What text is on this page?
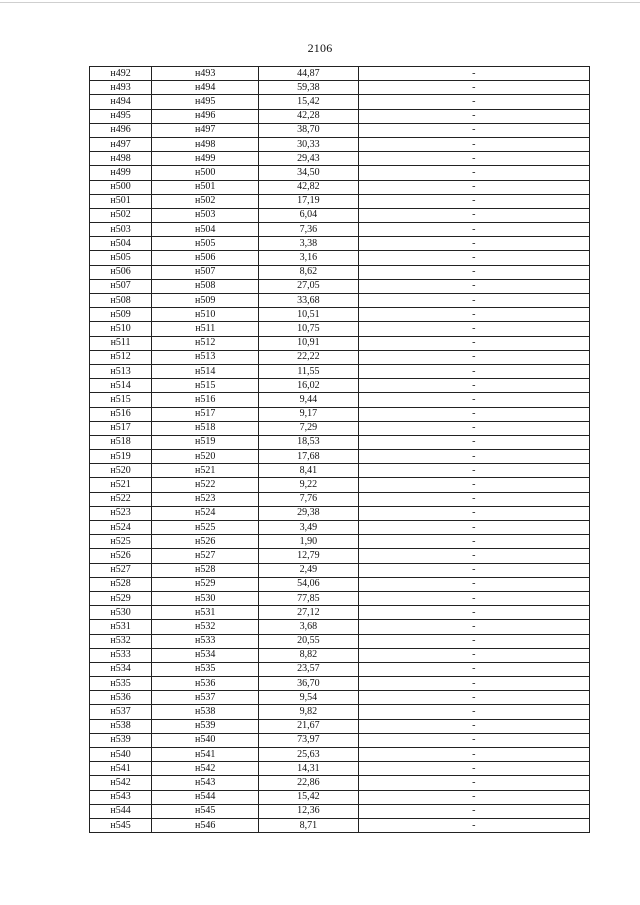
2106
н492	н493	44,87	-
н493	н494	59,38	-
н494	н495	15,42	-
н495	н496	42,28	-
н496	н497	38,70	-
н497	н498	30,33	-
н498	н499	29,43	-
н499	н500	34,50	-
н500	н501	42,82	-
н501	н502	17,19	-
н502	н503	6,04	-
н503	н504	7,36	-
н504	н505	3,38	-
н505	н506	3,16	-
н506	н507	8,62	-
н507	н508	27,05	-
н508	н509	33,68	-
н509	н510	10,51	-
н510	н511	10,75	-
н511	н512	10,91	-
н512	н513	22,22	-
н513	н514	11,55	-
н514	н515	16,02	-
н515	н516	9,44	-
н516	н517	9,17	-
н517	н518	7,29	-
н518	н519	18,53	-
н519	н520	17,68	-
н520	н521	8,41	-
н521	н522	9,22	-
н522	н523	7,76	-
н523	н524	29,38	-
н524	н525	3,49	-
н525	н526	1,90	-
н526	н527	12,79	-
н527	н528	2,49	-
н528	н529	54,06	-
н529	н530	77,85	-
н530	н531	27,12	-
н531	н532	3,68	-
н532	н533	20,55	-
н533	н534	8,82	-
н534	н535	23,57	-
н535	н536	36,70	-
н536	н537	9,54	-
н537	н538	9,82	-
н538	н539	21,67	-
н539	н540	73,97	-
н540	н541	25,63	-
н541	н542	14,31	-
н542	н543	22,86	-
н543	н544	15,42	-
н544	н545	12,36	-
н545	н546	8,71	-
